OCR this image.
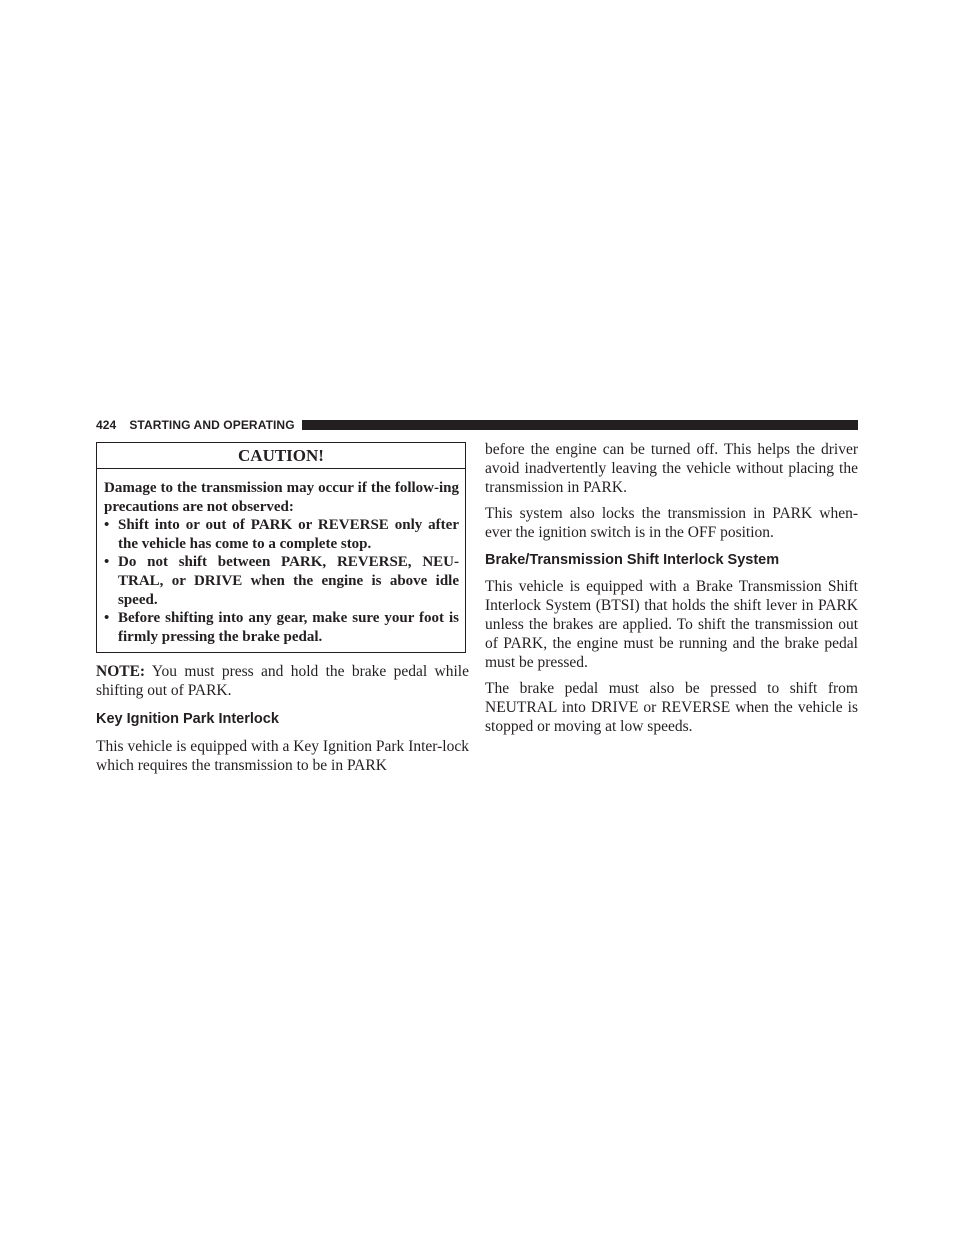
424 STARTING AND OPERATING

CAUTION!

Damage to the transmission may occur if the follow-ing precautions are not observed:

• Shift into or out of PARK or REVERSE only after the vehicle has come to a complete stop.
• Do not shift between PARK, REVERSE, NEU-TRAL, or DRIVE when the engine is above idle speed.
• Before shifting into any gear, make sure your foot is firmly pressing the brake pedal.

NOTE: You must press and hold the brake pedal while shifting out of PARK.

Key Ignition Park Interlock

This vehicle is equipped with a Key Ignition Park Inter-lock which requires the transmission to be in PARK

before the engine can be turned off. This helps the driver avoid inadvertently leaving the vehicle without placing the transmission in PARK.

This system also locks the transmission in PARK when-ever the ignition switch is in the OFF position.

Brake/Transmission Shift Interlock System

This vehicle is equipped with a Brake Transmission Shift Interlock System (BTSI) that holds the shift lever in PARK unless the brakes are applied. To shift the transmission out of PARK, the engine must be running and the brake pedal must be pressed.

The brake pedal must also be pressed to shift from NEUTRAL into DRIVE or REVERSE when the vehicle is stopped or moving at low speeds.
